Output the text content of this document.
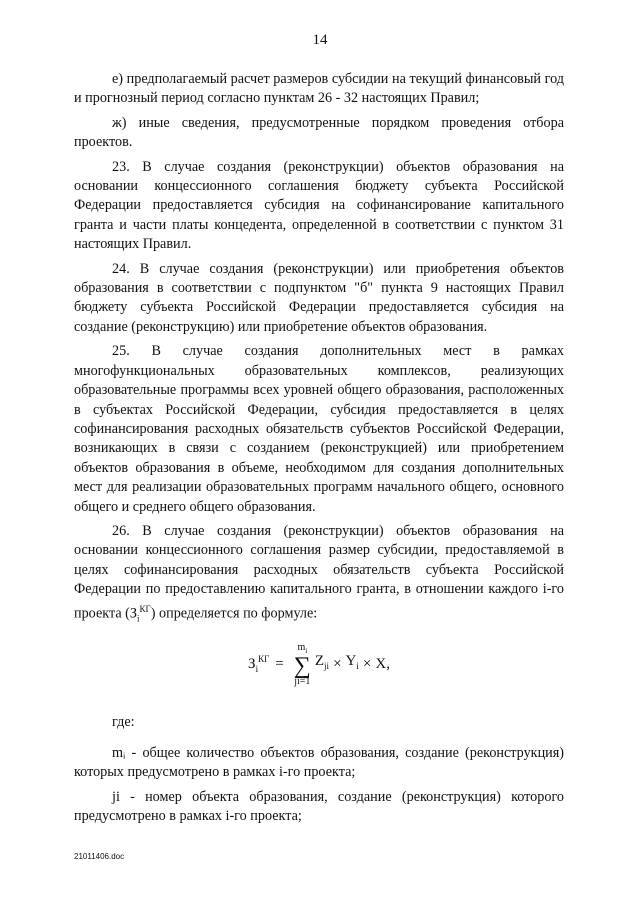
14

е) предполагаемый расчет размеров субсидии на текущий финансовый год и прогнозный период согласно пунктам 26 - 32 настоящих Правил;

ж) иные сведения, предусмотренные порядком проведения отбора проектов.

23. В случае создания (реконструкции) объектов образования на основании концессионного соглашения бюджету субъекта Российской Федерации предоставляется субсидия на софинансирование капитального гранта и части платы концедента, определенной в соответствии с пунктом 31 настоящих Правил.

24. В случае создания (реконструкции) или приобретения объектов образования в соответствии с подпунктом "б" пункта 9 настоящих Правил бюджету субъекта Российской Федерации предоставляется субсидия на создание (реконструкцию) или приобретение объектов образования.

25. В случае создания дополнительных мест в рамках многофункциональных образовательных комплексов, реализующих образовательные программы всех уровней общего образования, расположенных в субъектах Российской Федерации, субсидия предоставляется в целях софинансирования расходных обязательств субъектов Российской Федерации, возникающих в связи с созданием (реконструкцией) или приобретением объектов образования в объеме, необходимом для создания дополнительных мест для реализации образовательных программ начального общего, основного общего и среднего общего образования.

26. В случае создания (реконструкции) объектов образования на основании концессионного соглашения размер субсидии, предоставляемой в целях софинансирования расходных обязательств субъекта Российской Федерации по предоставлению капитального гранта, в отношении каждого i-го проекта $(З_i^{КГ})$ определяется по формуле:

$З_i^{КГ}$ =
$m_i$
∑
ji=1
$Z_{ji} \times Y_i \times X$ ,

где:

mᵢ - общее количество объектов образования, создание (реконструкция) которых предусмотрено в рамках i-го проекта;

ji - номер объекта образования, создание (реконструкция) которого предусмотрено в рамках i-го проекта;

21011406.doc
